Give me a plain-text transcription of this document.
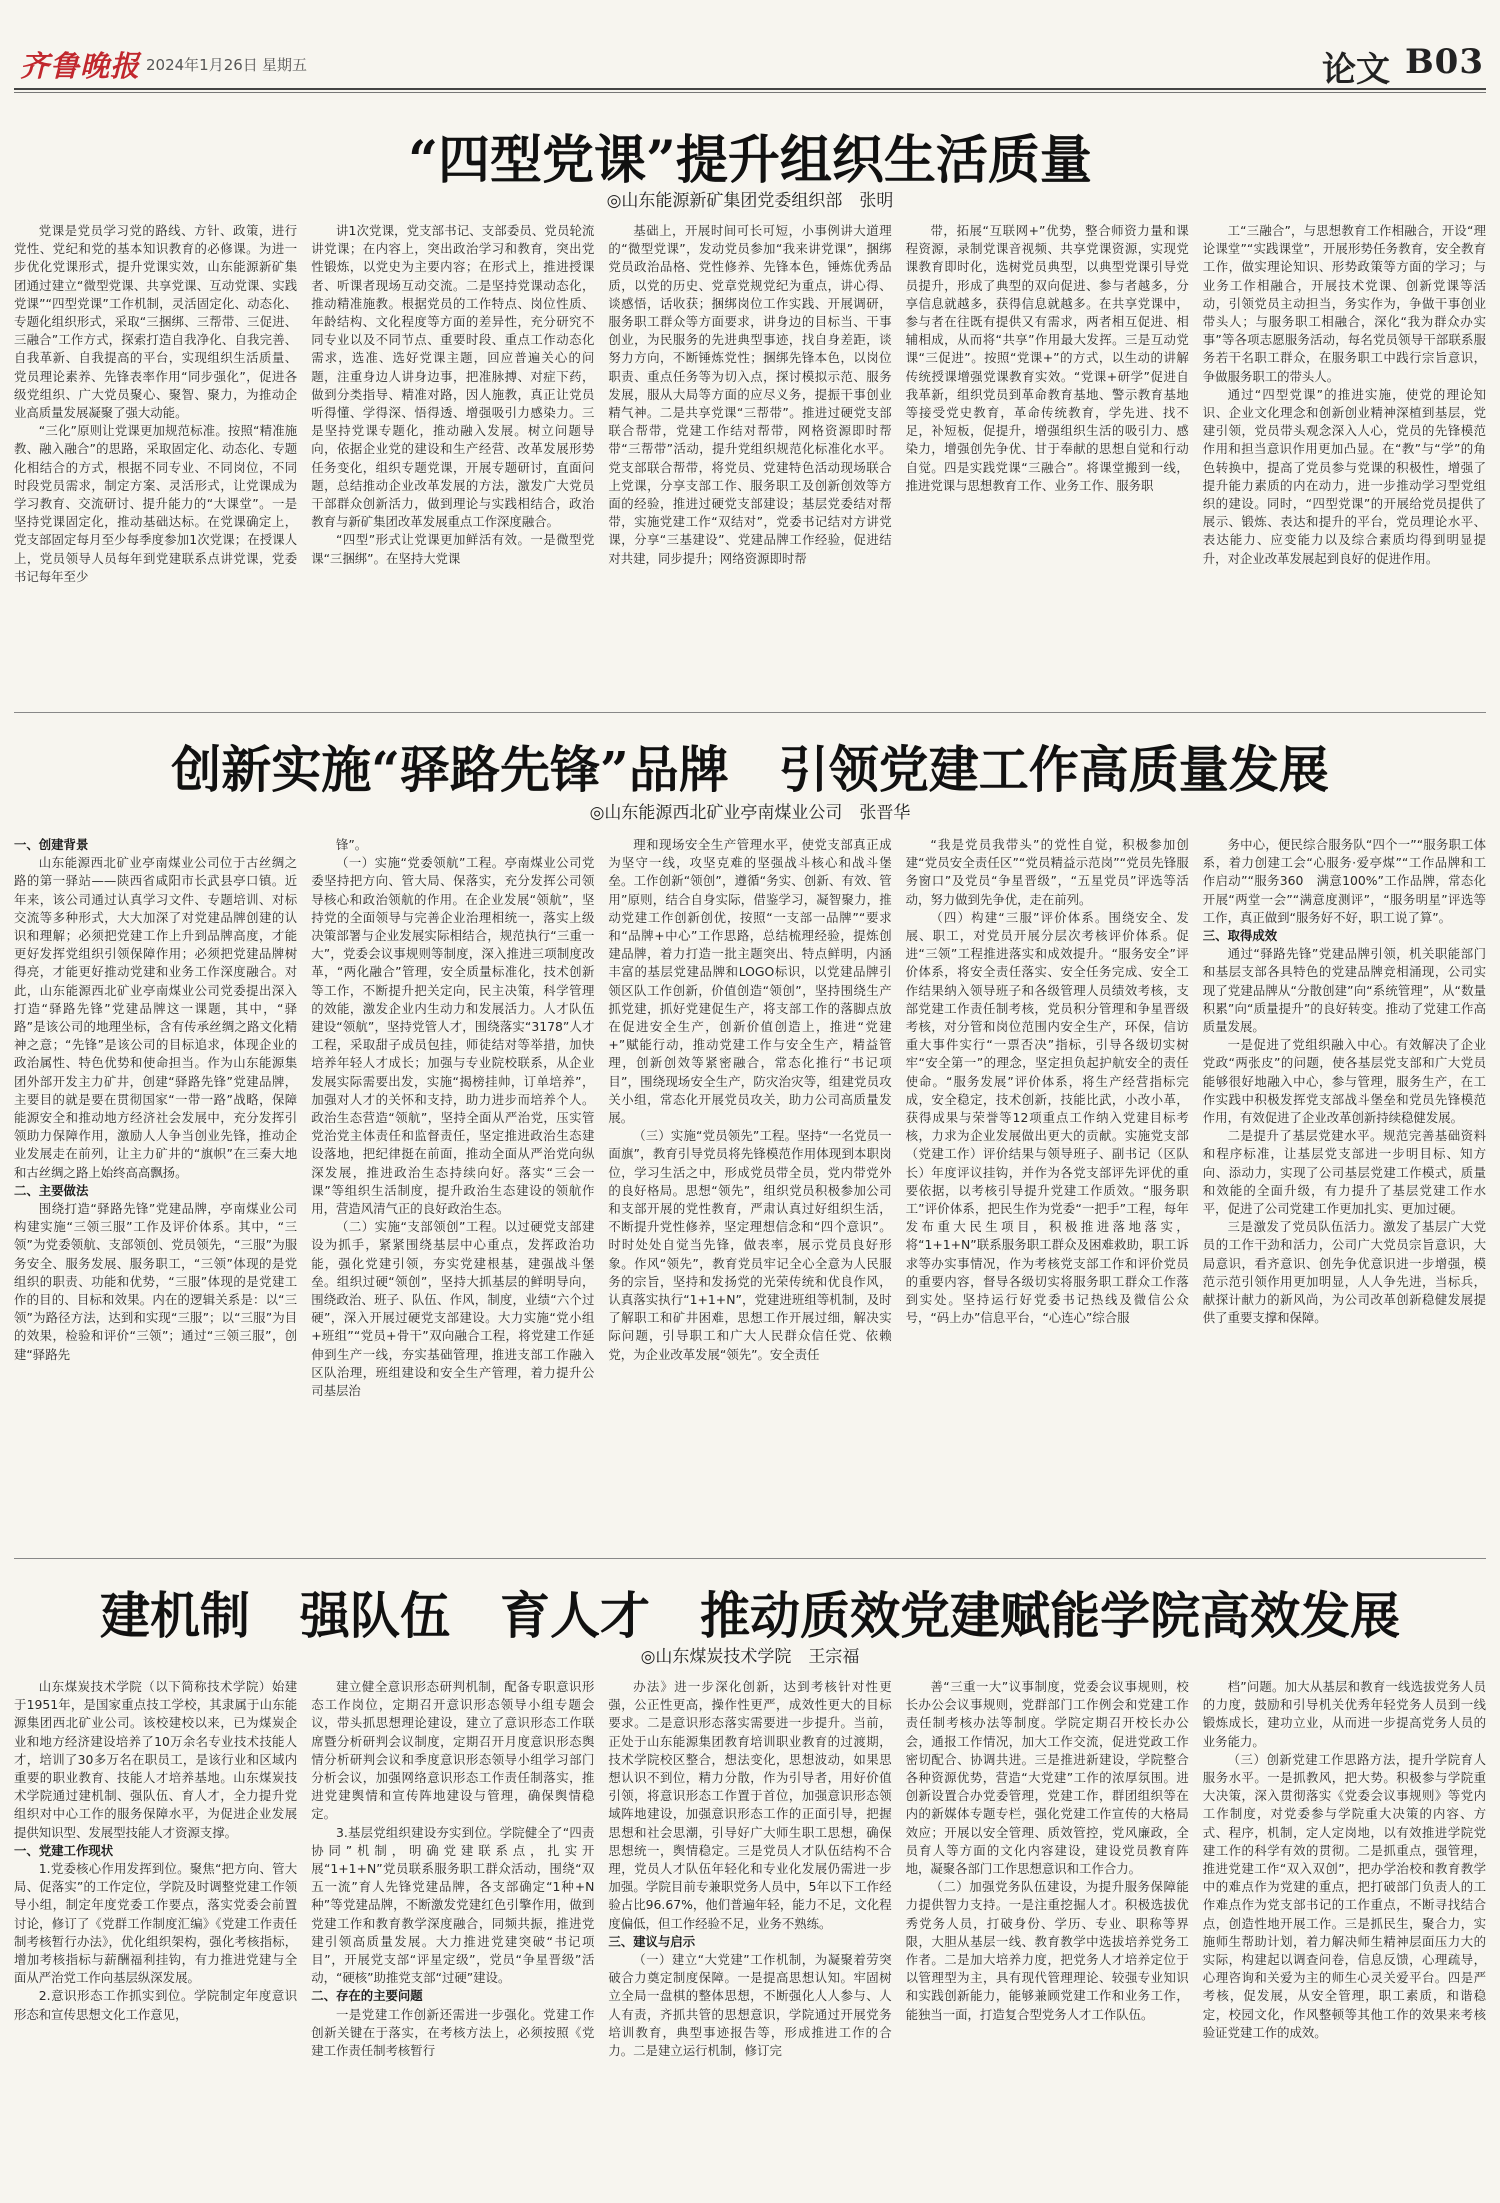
齐鲁晚报 2024年1月26日 星期五	论文 B03
“四型党课”提升组织生活质量
◎山东能源新矿集团党委组织部　张明

党课是党员学习党的路线、方针、政策，进行党性、党纪和党的基本知识教育的必修课。为进一步优化党课形式，提升党课实效，山东能源新矿集团通过建立“微型党课、共享党课、互动党课、实践党课”“四型党课”工作机制，灵活固定化、动态化、专题化组织形式，采取“三捆绑、三帮带、三促进、三融合”工作方式，探索打造自我净化、自我完善、自我革新、自我提高的平台，实现组织生活质量、党员理论素养、先锋表率作用“同步强化”，促进各级党组织、广大党员聚心、聚智、聚力，为推动企业高质量发展凝聚了强大动能。

“三化”原则让党课更加规范标准。按照“精准施教、融入融合”的思路，采取固定化、动态化、专题化相结合的方式，根据不同专业、不同岗位，不同时段党员需求，制定方案、灵活形式，让党课成为学习教育、交流研讨、提升能力的“大课堂”。一是坚持党课固定化，推动基础达标。在党课确定上，党支部固定每月至少每季度参加1次党课；在授课人上，党员领导人员每年到党建联系点讲党课，党委书记每年至少

讲1次党课，党支部书记、支部委员、党员轮流讲党课；在内容上，突出政治学习和教育，突出党性锻炼，以党史为主要内容；在形式上，推进授课者、听课者现场互动交流。二是坚持党课动态化，推动精准施教。根据党员的工作特点、岗位性质、年龄结构、文化程度等方面的差异性，充分研究不同专业以及不同节点、重要时段、重点工作动态化需求，选准、选好党课主题，回应普遍关心的问题，注重身边人讲身边事，把准脉搏、对症下药，做到分类指导、精准对路，因人施教，真正让党员听得懂、学得深、悟得透、增强吸引力感染力。三是坚持党课专题化，推动融入发展。树立问题导向，依据企业党的建设和生产经营、改革发展形势任务变化，组织专题党课，开展专题研讨，直面问题，总结推动企业改革发展的方法，激发广大党员干部群众创新活力，做到理论与实践相结合，政治教育与新矿集团改革发展重点工作深度融合。

“四型”形式让党课更加鲜活有效。一是微型党课“三捆绑”。在坚持大党课

基础上，开展时间可长可短，小事例讲大道理的“微型党课”，发动党员参加“我来讲党课”，捆绑党员政治品格、党性修养、先锋本色，锤炼优秀品质，以党的历史、党章党规党纪为重点，讲心得、谈感悟，话收获；捆绑岗位工作实践、开展调研，服务职工群众等方面要求，讲身边的目标当、干事创业，为民服务的先进典型事迹，找自身差距，谈努力方向，不断锤炼党性；捆绑先锋本色，以岗位职责、重点任务等为切入点，探讨模拟示范、服务发展，服从大局等方面的应尽义务，提振干事创业精气神。二是共享党课“三帮带”。推进过硬党支部联合帮带，党建工作结对帮带，网格资源即时帮带“三帮带”活动，提升党组织规范化标准化水平。党支部联合帮带，将党员、党建特色活动现场联合上党课，分享支部工作、服务职工及创新创效等方面的经验，推进过硬党支部建设；基层党委结对帮带，实施党建工作“双结对”，党委书记结对方讲党课，分享“三基建设”、党建品牌工作经验，促进结对共建，同步提升；网络资源即时帮

带，拓展“互联网+”优势，整合师资力量和课程资源，录制党课音视频、共享党课资源，实现党课教育即时化，选树党员典型，以典型党课引导党员提升，形成了典型的双向促进、参与者越多，分享信息就越多，获得信息就越多。在共享党课中，参与者在往既有提供又有需求，两者相互促进、相辅相成，从而将“共享”作用最大发挥。三是互动党课“三促进”。按照“党课+”的方式，以生动的讲解传统授课增强党课教育实效。“党课+研学”促进自我革新，组织党员到革命教育基地、警示教育基地等接受党史教育，革命传统教育，学先进、找不足，补短板，促提升，增强组织生活的吸引力、感染力，增强创先争优、甘于奉献的思想自觉和行动自觉。四是实践党课“三融合”。将课堂搬到一线，推进党课与思想教育工作、业务工作、服务职

工“三融合”，与思想教育工作相融合，开设“理论课堂”“实践课堂”，开展形势任务教育，安全教育工作，做实理论知识、形势政策等方面的学习；与业务工作相融合，开展技术党课、创新党课等活动，引领党员主动担当，务实作为，争做干事创业带头人；与服务职工相融合，深化“我为群众办实事”等各项志愿服务活动，每名党员领导干部联系服务若干名职工群众，在服务职工中践行宗旨意识，争做服务职工的带头人。

通过“四型党课”的推进实施，使党的理论知识、企业文化理念和创新创业精神深植到基层，党建引领，党员带头观念深入人心，党员的先锋模范作用和担当意识作用更加凸显。在“教”与“学”的角色转换中，提高了党员参与党课的积极性，增强了提升能力素质的内在动力，进一步推动学习型党组织的建设。同时，“四型党课”的开展给党员提供了展示、锻炼、表达和提升的平台，党员理论水平、表达能力、应变能力以及综合素质均得到明显提升，对企业改革发展起到良好的促进作用。

创新实施“驿路先锋”品牌　引领党建工作高质量发展
◎山东能源西北矿业亭南煤业公司　张晋华

一、创建背景

山东能源西北矿业亭南煤业公司位于古丝绸之路的第一驿站——陕西省咸阳市长武县亭口镇。近年来，该公司通过认真学习文件、专题培训、对标交流等多种形式，大大加深了对党建品牌创建的认识和理解；必须把党建工作上升到品牌高度，才能更好发挥党组织引领保障作用；必须把党建品牌树得亮，才能更好推动党建和业务工作深度融合。对此，山东能源西北矿业亭南煤业公司党委提出深入打造“驿路先锋”党建品牌这一课题，其中，“驿路”是该公司的地理坐标，含有传承丝绸之路文化精神之意；“先锋”是该公司的目标追求，体现企业的政治属性、特色优势和使命担当。作为山东能源集团外部开发主力矿井，创建“驿路先锋”党建品牌，主要目的就是要在贯彻国家“一带一路”战略，保障能源安全和推动地方经济社会发展中，充分发挥引领助力保障作用，激励人人争当创业先锋，推动企业发展走在前列，让主力矿井的“旗帜”在三秦大地和古丝绸之路上始终高高飘扬。

二、主要做法

围绕打造“驿路先锋”党建品牌，亭南煤业公司构建实施“三领三服”工作及评价体系。其中，“三领”为党委领航、支部领创、党员领先，“三服”为服务安全、服务发展、服务职工，“三领”体现的是党组织的职责、功能和优势，“三服”体现的是党建工作的目的、目标和效果。内在的逻辑关系是：以“三领”为路径方法，达到和实现“三服”；以“三服”为目的效果，检验和评价“三领”；通过“三领三服”，创建“驿路先

锋”。

（一）实施“党委领航”工程。亭南煤业公司党委坚持把方向、管大局、保落实，充分发挥公司领导核心和政治领航的作用。在企业发展“领航”，坚持党的全面领导与完善企业治理相统一，落实上级决策部署与企业发展实际相结合，规范执行“三重一大”，党委会议事规则等制度，深入推进三项制度改革，“两化融合”管理，安全质量标准化，技术创新等工作，不断提升把关定向，民主决策，科学管理的效能，激发企业内生动力和发展活力。人才队伍建设“领航”，坚持党管人才，围绕落实“3178”人才工程，采取甜子成员包挂，师徒结对等举措，加快培养年轻人才成长；加强与专业院校联系，从企业发展实际需要出发，实施“揭榜挂帅，订单培养”，加强对人才的关怀和支持，助力进步而培养个人。政治生态营造“领航”，坚持全面从严治党，压实管党治党主体责任和监督责任，坚定推进政治生态建设落地，把纪律挺在前面，推动全面从严治党向纵深发展，推进政治生态持续向好。落实“三会一课”等组织生活制度，提升政治生态建设的领航作用，营造风清气正的良好政治生态。

（二）实施“支部领创”工程。以过硬党支部建设为抓手，紧紧围绕基层中心重点，发挥政治功能，强化党建引领，夯实党建根基，建强战斗堡垒。组织过硬“领创”，坚持大抓基层的鲜明导向，围绕政治、班子、队伍、作风，制度，业绩“六个过硬”，深入开展过硬党支部建设。大力实施“党小组+班组”“党员+骨干”双向融合工程，将党建工作延伸到生产一线，夯实基础管理，推进支部工作融入区队治理，班组建设和安全生产管理，着力提升公司基层治

理和现场安全生产管理水平，使党支部真正成为坚守一线，攻坚克难的坚强战斗核心和战斗堡垒。工作创新“领创”，遵循“务实、创新、有效、管用”原则，结合自身实际，借鉴学习，凝智聚力，推动党建工作创新创优，按照“一支部一品牌”“要求和“品牌+中心”工作思路，总结梳理经验，提炼创建品牌，着力打造一批主题突出、特点鲜明，内涵丰富的基层党建品牌和LOGO标识，以党建品牌引领区队工作创新，价值创造“领创”，坚持围绕生产抓党建，抓好党建促生产，将支部工作的落脚点放在促进安全生产，创新价值创造上，推进“党建+”赋能行动，推动党建工作与安全生产，精益管理，创新创效等紧密融合，常态化推行“书记项目”，围绕现场安全生产，防灾治灾等，组建党员攻关小组，常态化开展党员攻关，助力公司高质量发展。

（三）实施“党员领先”工程。坚持“一名党员一面旗”，教育引导党员将先锋模范作用体现到本职岗位，学习生活之中，形成党员带全员，党内带党外的良好格局。思想“领先”，组织党员积极参加公司和支部开展的党性教育，严肃认真过好组织生活，不断提升党性修养，坚定理想信念和“四个意识”。时时处处自觉当先锋，做表率，展示党员良好形象。作风“领先”，教育党员牢记全心全意为人民服务的宗旨，坚持和发扬党的光荣传统和优良作风，认真落实执行“1+1+N”，党建进班组等机制，及时了解职工和矿井困难，思想工作开展过细，解决实际问题，引导职工和广大人民群众信任党、依赖党，为企业改革发展“领先”。安全责任

“我是党员我带头”的党性自觉，积极参加创建“党员安全责任区”“党员精益示范岗”“党员先锋服务窗口”及党员“争星晋级”，“五星党员”评选等活动，努力做到先争优，走在前列。

（四）构建“三服”评价体系。围绕安全、发展、职工，对党员开展分层次考核评价体系。促进“三领”工程推进落实和成效提升。“服务安全”评价体系，将安全责任落实、安全任务完成、安全工作结果纳入领导班子和各级管理人员绩效考核，支部党建工作责任制考核，党员积分管理和争星晋级考核，对分管和岗位范围内安全生产，环保，信访重大事件实行“一票否决”指标，引导各级切实树牢“安全第一”的理念，坚定担负起护航安全的责任使命。“服务发展”评价体系，将生产经营指标完成，安全稳定，技术创新，技能比武，小改小革，获得成果与荣誉等12项重点工作纳入党建目标考核，力求为企业发展做出更大的贡献。实施党支部（党建工作）评价结果与领导班子、副书记（区队长）年度评议挂钩，并作为各党支部评先评优的重要依据，以考核引导提升党建工作质效。“服务职工”评价体系，把民生作为党委“一把手”工程，每年发布重大民生项目，积极推进落地落实，将“1+1+N”联系服务职工群众及困难救助，职工诉求等办实事情况，作为考核党支部工作和评价党员的重要内容，督导各级切实将服务职工群众工作落到实处。坚持运行好党委书记热线及微信公众号，“码上办”信息平台，“心连心”综合服

务中心，便民综合服务队“四个一”“服务职工体系，着力创建工会“心服务·爱亭煤”“工作品牌和工作启动”“服务360　满意100%”工作品牌，常态化开展“两堂一会”“满意度测评”，“服务明星”评选等工作，真正做到“服务好不好，职工说了算”。

三、取得成效

通过“驿路先锋”党建品牌引领，机关职能部门和基层支部各具特色的党建品牌竞相涌现，公司实现了党建品牌从“分散创建”向“系统管理”，从“数量积累”向“质量提升”的良好转变。推动了党建工作高质量发展。

一是促进了党组织融入中心。有效解决了企业党政“两张皮”的问题，使各基层党支部和广大党员能够很好地融入中心，参与管理，服务生产，在工作实践中积极发挥党支部战斗堡垒和党员先锋模范作用，有效促进了企业改革创新持续稳健发展。

二是提升了基层党建水平。规范完善基础资料和程序标准，让基层党支部进一步明目标、知方向、添动力，实现了公司基层党建工作模式，质量和效能的全面升级，有力提升了基层党建工作水平，促进了公司党建工作更加扎实、更加过硬。

三是激发了党员队伍活力。激发了基层广大党员的工作干劲和活力，公司广大党员宗旨意识，大局意识，看齐意识、创先争优意识进一步增强，模范示范引领作用更加明显，人人争先进，当标兵，献探计献力的新风尚，为公司改革创新稳健发展提供了重要支撑和保障。

建机制　强队伍　育人才　推动质效党建赋能学院高效发展
◎山东煤炭技术学院　王宗福

山东煤炭技术学院（以下简称技术学院）始建于1951年，是国家重点技工学校，其隶属于山东能源集团西北矿业公司。该校建校以来，已为煤炭企业和地方经济建设培养了10万余名专业技术技能人才，培训了30多万名在职员工，是该行业和区域内重要的职业教育、技能人才培养基地。山东煤炭技术学院通过建机制、强队伍、育人才，全力提升党组织对中心工作的服务保障水平，为促进企业发展提供知识型、发展型技能人才资源支撑。

一、党建工作现状

1.党委核心作用发挥到位。聚焦“把方向、管大局、促落实”的工作定位，学院及时调整党建工作领导小组，制定年度党委工作要点，落实党委会前置讨论，修订了《党群工作制度汇编》《党建工作责任制考核暂行办法》，优化组织架构，强化考核指标，增加考核指标与薪酬福利挂钩，有力推进党建与全面从严治党工作向基层纵深发展。

2.意识形态工作抓实到位。学院制定年度意识形态和宣传思想文化工作意见，

建立健全意识形态研判机制，配备专职意识形态工作岗位，定期召开意识形态领导小组专题会议，带头抓思想理论建设，建立了意识形态工作联席暨分析研判会议制度，定期召开月度意识形态舆情分析研判会议和季度意识形态领导小组学习部门分析会议，加强网络意识形态工作责任制落实，推进党建舆情和宣传阵地建设与管理，确保舆情稳定。

3.基层党组织建设夯实到位。学院健全了“四责协同”机制，明确党建联系点，扎实开展“1+1+N”党员联系服务职工群众活动，围绕“双五一流”育人先锋党建品牌，各支部确定“1种+N种”等党建品牌，不断激发党建红色引擎作用，做到党建工作和教育教学深度融合，同频共振，推进党建引领高质量发展。大力推进党建突破“书记项目”，开展党支部“评星定级”，党员“争星晋级”活动，“硬核”助推党支部“过硬”建设。

二、存在的主要问题

一是党建工作创新还需进一步强化。党建工作创新关键在于落实，在考核方法上，必须按照《党建工作责任制考核暂行

办法》进一步深化创新，达到考核针对性更强，公正性更高，操作性更严，成效性更大的目标要求。二是意识形态落实需要进一步提升。当前，正处于山东能源集团教育培训职业教育的过渡期，技术学院校区整合，想法变化，思想波动，如果思想认识不到位，精力分散，作为引导者，用好价值引领，将意识形态工作置于首位，加强意识形态领域阵地建设，加强意识形态工作的正面引导，把握思想和社会思潮，引导好广大师生职工思想，确保思想统一，舆情稳定。三是党员人才队伍结构不合理，党员人才队伍年轻化和专业化发展仍需进一步加强。学院目前专兼职党务人员中，5年以下工作经验占比96.67%，他们普遍年轻，能力不足，文化程度偏低，但工作经验不足，业务不熟练。

三、建议与启示

（一）建立“大党建”工作机制，为凝聚着劳突破合力奠定制度保障。一是提高思想认知。牢固树立全局一盘棋的整体思想，不断强化人人参与、人人有责，齐抓共管的思想意识，学院通过开展党务培训教育，典型事迹报告等，形成推进工作的合力。二是建立运行机制，修订完

善“三重一大”议事制度，党委会议事规则，校长办公会议事规则，党群部门工作例会和党建工作责任制考核办法等制度。学院定期召开校长办公会，通报工作情况，加大工作交流，促进党政工作密切配合、协调共进。三是推进新建设，学院整合各种资源优势，营造“大党建”工作的浓厚氛围。进创新设置合办党委管理，党建工作，群团组织等在内的新媒体专题专栏，强化党建工作宣传的大格局效应；开展以安全管理、质效管控，党风廉政，全员育人等方面的文化内容建设，建设党员教育阵地，凝聚各部门工作思想意识和工作合力。

（二）加强党务队伍建设，为提升服务保障能力提供智力支持。一是注重挖掘人才。积极选拔优秀党务人员，打破身份、学历、专业、职称等界限，大胆从基层一线、教育教学中选拔培养党务工作者。二是加大培养力度，把党务人才培养定位于以管理型为主，具有现代管理理论、较强专业知识和实践创新能力，能够兼顾党建工作和业务工作，能独当一面，打造复合型党务人才工作队伍。

档”问题。加大从基层和教育一线选拔党务人员的力度，鼓励和引导机关优秀年轻党务人员到一线锻炼成长，建功立业，从而进一步提高党务人员的业务能力。

（三）创新党建工作思路方法，提升学院育人服务水平。一是抓教风，把大势。积极参与学院重大决策，深入贯彻落实《党委会议事规则》等党内工作制度，对党委参与学院重大决策的内容、方式、程序，机制，定人定岗地，以有效推进学院党建工作的科学有效的贯彻。二是抓重点，强管理，推进党建工作“双入双创”，把办学治校和教育教学中的难点作为党建的重点，把打破部门负责人的工作难点作为党支部书记的工作重点，不断寻找结合点，创造性地开展工作。三是抓民生，聚合力，实施师生帮助计划，着力解决师生精神层面压力大的实际，构建起以调查问卷，信息反馈，心理疏导，心理咨询和关爱为主的师生心灵关爱平台。四是严考核，促发展，从安全管理，职工素质，和谐稳定，校园文化，作风整顿等其他工作的效果来考核验证党建工作的成效。
